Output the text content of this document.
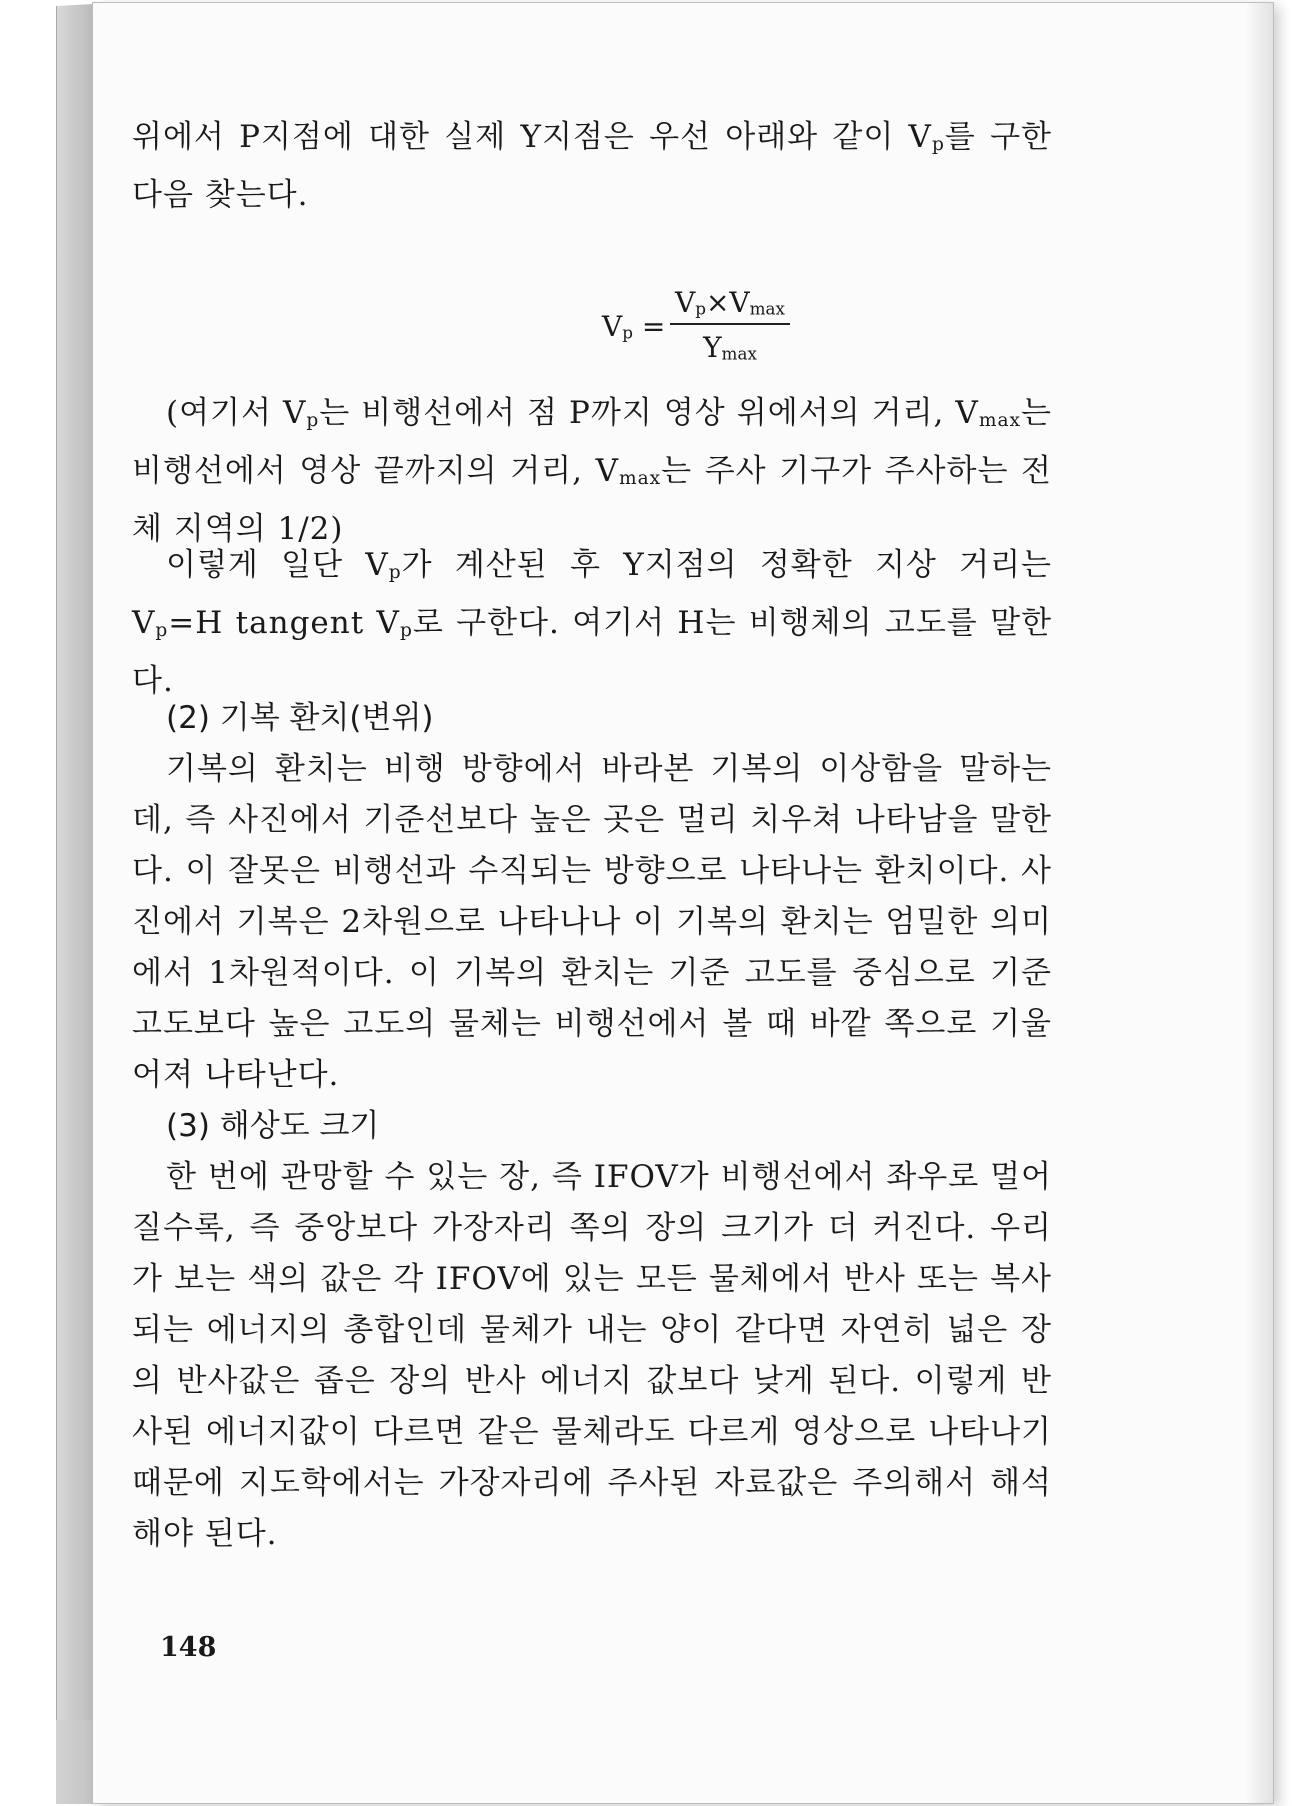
위에서 P지점에 대한 실제 Y지점은 우선 아래와 같이 $V_p$를 구한 다음 찾는다.

$V_p$ =
$V_p\times V_{max}$
$Y_{max}$

(여기서 $V_p$는 비행선에서 점 P까지 영상 위에서의 거리, $V_{max}$는 비행선에서 영상 끝까지의 거리, $V_{max}$는 주사 기구가 주사하는 전체 지역의 1/2)

이렇게 일단 $V_p$가 계산된 후 Y지점의 정확한 지상 거리는 $V_p=H$ tangent $V_p$로 구한다. 여기서 H는 비행체의 고도를 말한다.

(2) 기복 환치(변위)

기복의 환치는 비행 방향에서 바라본 기복의 이상함을 말하는데, 즉 사진에서 기준선보다 높은 곳은 멀리 치우쳐 나타남을 말한다. 이 잘못은 비행선과 수직되는 방향으로 나타나는 환치이다. 사진에서 기복은 2차원으로 나타나나 이 기복의 환치는 엄밀한 의미에서 1차원적이다. 이 기복의 환치는 기준 고도를 중심으로 기준 고도보다 높은 고도의 물체는 비행선에서 볼 때 바깥 쪽으로 기울어져 나타난다.

(3) 해상도 크기

한 번에 관망할 수 있는 장, 즉 IFOV가 비행선에서 좌우로 멀어질수록, 즉 중앙보다 가장자리 쪽의 장의 크기가 더 커진다. 우리가 보는 색의 값은 각 IFOV에 있는 모든 물체에서 반사 또는 복사되는 에너지의 총합인데 물체가 내는 양이 같다면 자연히 넓은 장의 반사값은 좁은 장의 반사 에너지 값보다 낮게 된다. 이렇게 반사된 에너지값이 다르면 같은 물체라도 다르게 영상으로 나타나기 때문에 지도학에서는 가장자리에 주사된 자료값은 주의해서 해석해야 된다.

148
